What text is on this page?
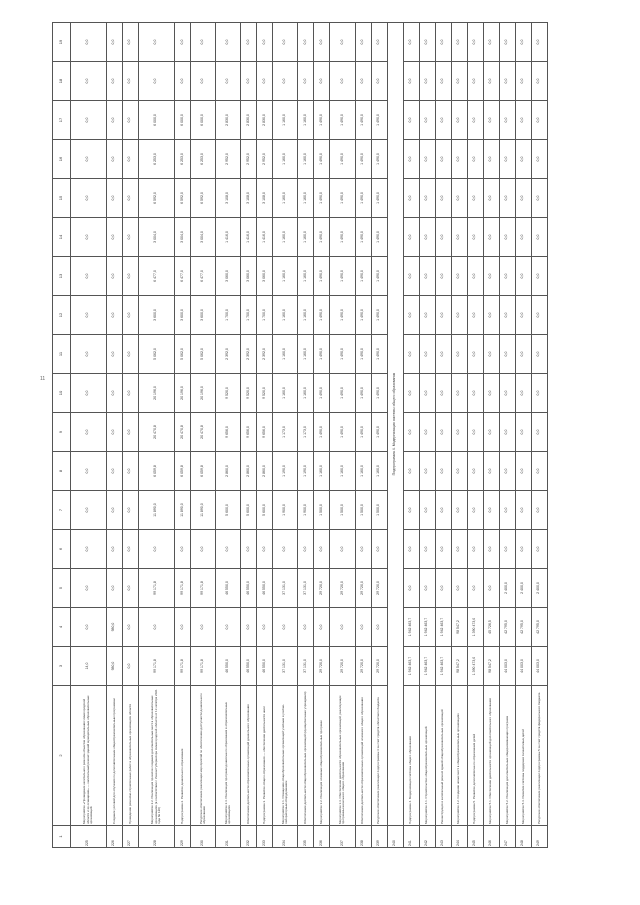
11
1	2	3	4	5	6	7	8	9	10	11	12	13	14	15	16	17	18	19
225	Мероприятие «Проведение капитального ремонта объектов образования Нижегородской области и их оснащение» — капитальный ремонт зданий муниципальных образовательных организаций	14,0	0,0	0,0	0,0	0,0	0,0	0,0	0,0	0,0	0,0	0,0	0,0	0,0	0,0	0,0	0,0	0,0
226	Создание условий для обучения по дополнительным общеобразовательным программам	980,0	980,0	0,0	0,0	0,0	0,0	0,0	0,0	0,0	0,0	0,0	0,0	0,0	0,0	0,0	0,0	0,0
227	Проведение ремонтно-строительных работ в образовательных организациях области	0,0	0,0	0,0	0,0	0,0	0,0	0,0	0,0	0,0	0,0	0,0	0,0	0,0	0,0	0,0	0,0	0,0
228	Мероприятие 2.2. Реализация проектов создания дополнительных мест в образовательных организациях (в соответствии с Указом Губернатора Нижегородской области от 13 октября 2021 года № 120)	99 171,8	0,0	99 171,8	0,0	11 890,0	6 059,8	20 470,8	20 196,0	5 062,0	3 600,0	6 477,0	3 004,0	6 592,0	6 253,0	6 000,0	0,0	0,0
229	Подпрограмма 2. Развитие дошкольного образования	99 171,8	0,0	99 171,8	0,0	11 890,0	6 059,8	20 470,8	20 196,0	5 062,0	3 600,0	6 477,0	3 004,0	6 592,0	6 253,0	6 000,0	0,0	0,0
230	Ресурсное обеспечение реализации мероприятий по обеспечению доступности дошкольного образования	99 171,8	0,0	99 171,8	0,0	11 890,0	6 059,8	20 470,8	20 196,0	5 062,0	3 600,0	6 477,0	3 004,0	6 592,0	6 253,0	6 000,0	0,0	0,0
231	Мероприятие 2.3. Реализация программ дошкольного образования в образовательных организациях	46 550,0	0,0	46 550,0	0,0	5 600,0	2 860,0	9 656,0	9 520,0	2 392,0	1 700,0	3 060,0	1 416,0	3 108,0	2 952,0	2 830,0	0,0	0,0
232	Обеспечение деятельности образовательных организаций дошкольного образования	46 550,0	0,0	46 550,0	0,0	5 600,0	2 860,0	9 656,0	9 520,0	2 392,0	1 700,0	3 060,0	1 416,0	3 108,0	2 952,0	2 830,0	0,0	0,0
233	Подпрограмма 3. Развитие общего образования — обеспечение деятельности школ	46 550,0	0,0	46 550,0	0,0	5 600,0	2 860,0	9 656,0	9 520,0	2 392,0	1 700,0	3 060,0	1 416,0	3 108,0	2 952,0	2 830,0	0,0	0,0
234	Мероприятие 3.1. Оснащение общеобразовательных организаций учебным и учебно-лабораторным оборудованием	37 131,0	0,0	37 131,0	0,0	1 900,0	1 190,0	1 173,0	1 160,0	1 160,0	1 160,0	1 160,0	1 160,0	1 160,0	1 160,0	1 160,0	0,0	0,0
235	Обеспечение деятельности общеобразовательных организаций (муниципальные учреждения)	37 131,0	0,0	37 131,0	0,0	1 900,0	1 190,0	1 173,0	1 160,0	1 160,0	1 160,0	1 160,0	1 160,0	1 160,0	1 160,0	1 160,0	0,0	0,0
236	Мероприятие 3.2. Реализация основных общеобразовательных программ	29 720,0	0,0	29 720,0	0,0	1 500,0	1 160,0	1 490,0	1 490,0	1 490,0	1 490,0	1 490,0	1 490,0	1 490,0	1 490,0	1 490,0	0,0	0,0
237	Мероприятие 3.3. Обеспечение деятельности образовательных организаций, реализующих программы начального общего образования	29 720,0	0,0	29 720,0	0,0	1 500,0	1 160,0	1 490,0	1 490,0	1 490,0	1 490,0	1 490,0	1 490,0	1 490,0	1 490,0	1 490,0	0,0	0,0
238	Обеспечение деятельности образовательных организаций основного общего образования	29 720,0	0,0	29 720,0	0,0	1 500,0	1 160,0	1 490,0	1 490,0	1 490,0	1 490,0	1 490,0	1 490,0	1 490,0	1 490,0	1 490,0	0,0	0,0
239	Ресурсное обеспечение реализации подпрограммы 3 за счет средств областного бюджета	29 720,0	0,0	29 720,0	0,0	1 500,0	1 160,0	1 490,0	1 490,0	1 490,0	1 490,0	1 490,0	1 490,0	1 490,0	1 490,0	1 490,0	0,0	0,0
240	Подпрограмма 4. Модернизация системы общего образования																	
241	Подпрограмма 4. Модернизация системы общего образования	1 942 463,7	1 942 463,7	0,0	0,0	0,0	0,0	0,0	0,0	0,0	0,0	0,0	0,0	0,0	0,0	0,0	0,0	0,0
242	Мероприятие 4.1. Строительство общеобразовательных организаций	1 942 463,7	1 942 463,7	0,0	0,0	0,0	0,0	0,0	0,0	0,0	0,0	0,0	0,0	0,0	0,0	0,0	0,0	0,0
243	Реконструкция и капитальный ремонт зданий общеобразовательных организаций	1 942 463,7	1 942 463,7	0,0	0,0	0,0	0,0	0,0	0,0	0,0	0,0	0,0	0,0	0,0	0,0	0,0	0,0	0,0
244	Мероприятие 4.2. Создание новых мест в общеобразовательных организациях	98 547,2	98 547,2	0,0	0,0	0,0	0,0	0,0	0,0	0,0	0,0	0,0	0,0	0,0	0,0	0,0	0,0	0,0
245	Подпрограмма 5. Развитие дополнительного образования детей	1 390 473,0	1 390 473,0	0,0	0,0	0,0	0,0	0,0	0,0	0,0	0,0	0,0	0,0	0,0	0,0	0,0	0,0	0,0
246	Мероприятие 5.1. Обеспечение деятельности организаций дополнительного образования	98 547,2	45 726,5	0,0	0,0	0,0	0,0	0,0	0,0	0,0	0,0	0,0	0,0	0,0	0,0	0,0	0,0	0,0
247	Мероприятие 5.2. Реализация дополнительных общеразвивающих программ	44 003,0	42 795,0	2 400,0	0,0	0,0	0,0	0,0	0,0	0,0	0,0	0,0	0,0	0,0	0,0	0,0	0,0	0,0
248	Мероприятие 5.3. Развитие системы поддержки талантливых детей	44 003,0	42 795,0	2 400,0	0,0	0,0	0,0	0,0	0,0	0,0	0,0	0,0	0,0	0,0	0,0	0,0	0,0	0,0
249	Ресурсное обеспечение реализации подпрограммы 5 за счет средств федерального бюджета	44 003,0	42 795,0	2 400,0	0,0	0,0	0,0	0,0	0,0	0,0	0,0	0,0	0,0	0,0	0,0	0,0	0,0	0,0
